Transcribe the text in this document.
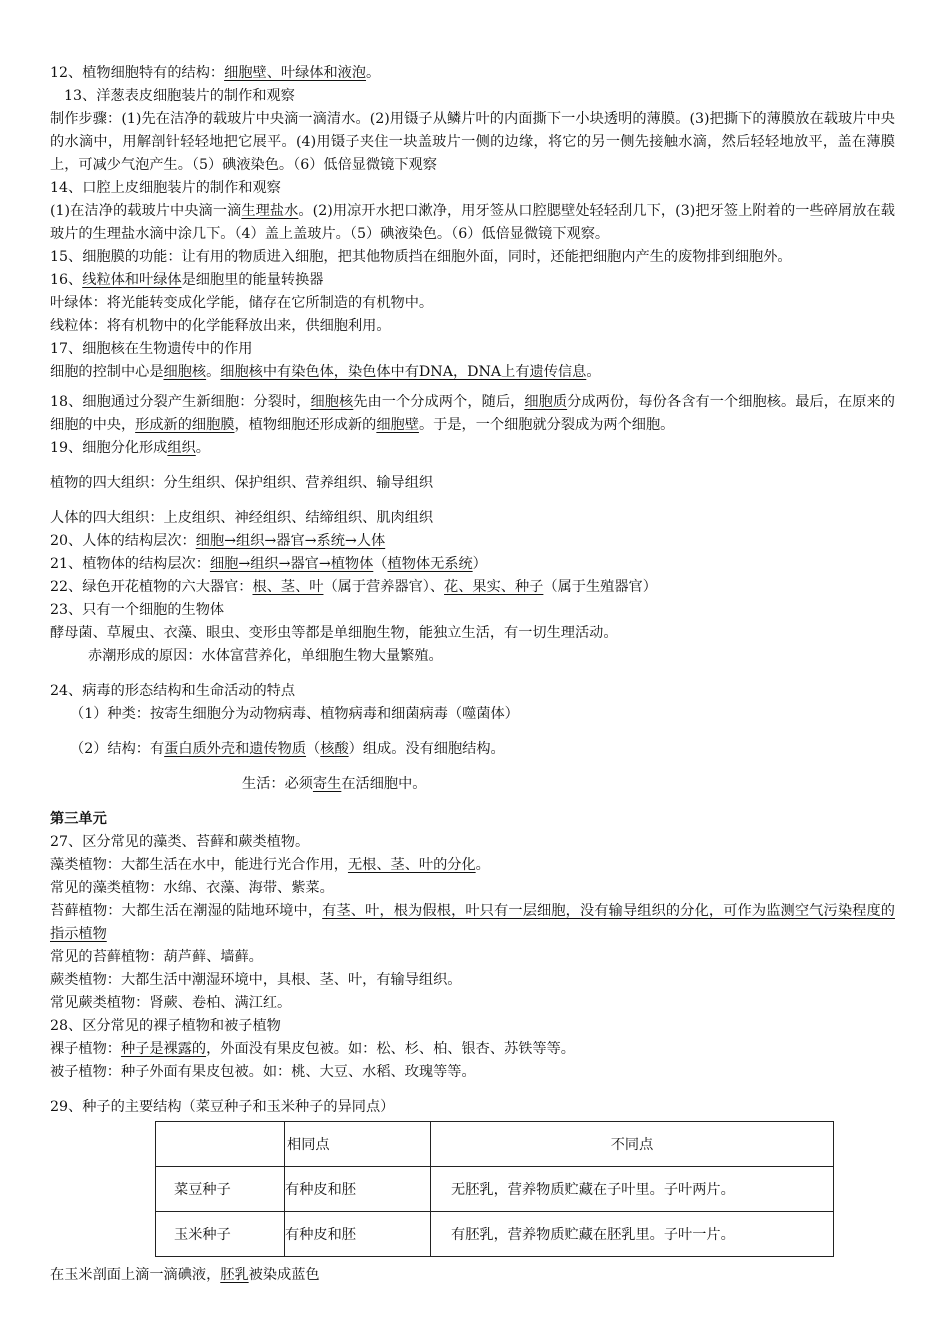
12、植物细胞特有的结构：细胞壁、叶绿体和液泡。
13、洋葱表皮细胞装片的制作和观察
制作步骤：(1)先在洁净的载玻片中央滴一滴清水。(2)用镊子从鳞片叶的内面撕下一小块透明的薄膜。(3)把撕下的薄膜放在载玻片中央的水滴中，用解剖针轻轻地把它展平。(4)用镊子夹住一块盖玻片一侧的边缘，将它的另一侧先接触水滴，然后轻轻地放平，盖在薄膜上，可减少气泡产生。（5）碘液染色。（6）低倍显微镜下观察
14、口腔上皮细胞装片的制作和观察
(1)在洁净的载玻片中央滴一滴生理盐水。(2)用凉开水把口漱净，用牙签从口腔腮壁处轻轻刮几下，(3)把牙签上附着的一些碎屑放在载玻片的生理盐水滴中涂几下。（4）盖上盖玻片。（5）碘液染色。（6）低倍显微镜下观察。
15、细胞膜的功能：让有用的物质进入细胞，把其他物质挡在细胞外面，同时，还能把细胞内产生的废物排到细胞外。
16、线粒体和叶绿体是细胞里的能量转换器
叶绿体：将光能转变成化学能，储存在它所制造的有机物中。
线粒体：将有机物中的化学能释放出来，供细胞利用。
17、细胞核在生物遗传中的作用
细胞的控制中心是细胞核。细胞核中有染色体，染色体中有DNA，DNA上有遗传信息。
18、细胞通过分裂产生新细胞：分裂时，细胞核先由一个分成两个，随后，细胞质分成两份，每份各含有一个细胞核。最后，在原来的细胞的中央，形成新的细胞膜，植物细胞还形成新的细胞壁。于是，一个细胞就分裂成为两个细胞。
19、细胞分化形成组织。
植物的四大组织：分生组织、保护组织、营养组织、输导组织
人体的四大组织：上皮组织、神经组织、结缔组织、肌肉组织
20、人体的结构层次：细胞→组织→器官→系统→人体
21、植物体的结构层次：细胞→组织→器官→植物体（植物体无系统）
22、绿色开花植物的六大器官：根、茎、叶（属于营养器官）、花、果实、种子（属于生殖器官）
23、只有一个细胞的生物体
酵母菌、草履虫、衣藻、眼虫、变形虫等都是单细胞生物，能独立生活，有一切生理活动。
赤潮形成的原因：水体富营养化，单细胞生物大量繁殖。
24、病毒的形态结构和生命活动的特点
（1）种类：按寄生细胞分为动物病毒、植物病毒和细菌病毒（噬菌体）
（2）结构：有蛋白质外壳和遗传物质（核酸）组成。没有细胞结构。
生活：必须寄生在活细胞中。
第三单元
27、区分常见的藻类、苔藓和蕨类植物。
藻类植物：大都生活在水中，能进行光合作用，无根、茎、叶的分化。
常见的藻类植物：水绵、衣藻、海带、紫菜。
苔藓植物：大都生活在潮湿的陆地环境中，有茎、叶，根为假根，叶只有一层细胞，没有输导组织的分化，可作为监测空气污染程度的指示植物
常见的苔藓植物：葫芦藓、墙藓。
蕨类植物：大都生活中潮湿环境中，具根、茎、叶，有输导组织。
常见蕨类植物：肾蕨、卷柏、满江红。
28、区分常见的裸子植物和被子植物
裸子植物：种子是裸露的，外面没有果皮包被。如：松、杉、柏、银杏、苏铁等等。
被子植物：种子外面有果皮包被。如：桃、大豆、水稻、玫瑰等等。
29、种子的主要结构（菜豆种子和玉米种子的异同点）
	相同点	不同点
菜豆种子	有种皮和胚	无胚乳，营养物质贮藏在子叶里。子叶两片。
玉米种子	有种皮和胚	有胚乳，营养物质贮藏在胚乳里。子叶一片。
在玉米剖面上滴一滴碘液，胚乳被染成蓝色
